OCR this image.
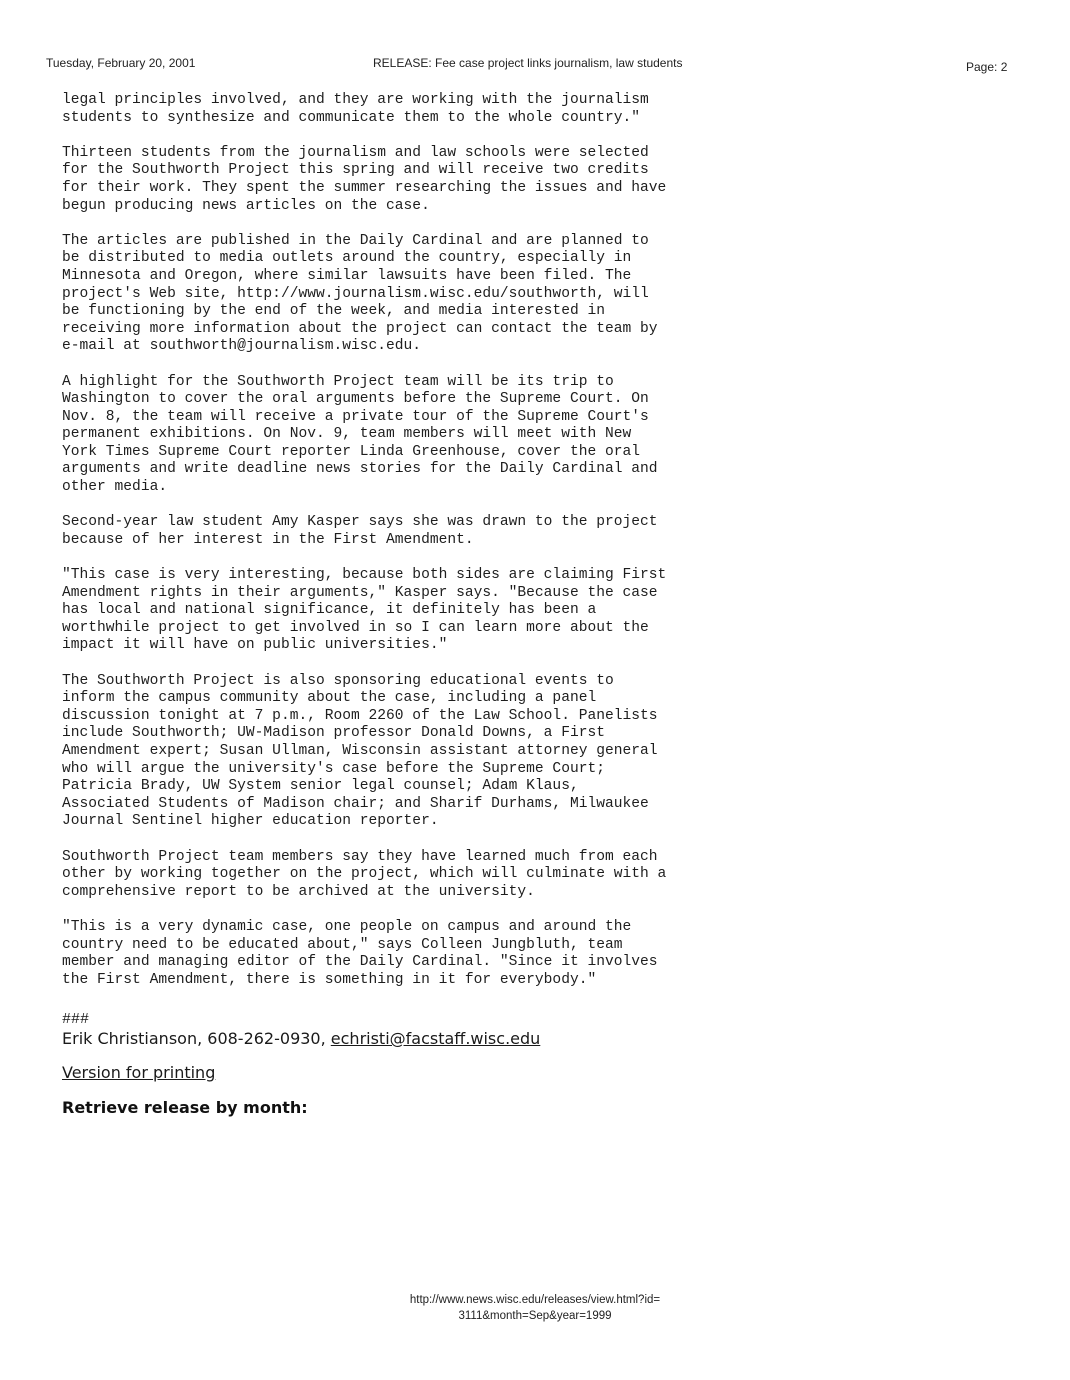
Tuesday, February 20, 2001	RELEASE: Fee case project links journalism, law students	Page: 2

legal principles involved, and they are working with the journalism
students to synthesize and communicate them to the whole country."

Thirteen students from the journalism and law schools were selected
for the Southworth Project this spring and will receive two credits
for their work. They spent the summer researching the issues and have
begun producing news articles on the case.

The articles are published in the Daily Cardinal and are planned to
be distributed to media outlets around the country, especially in
Minnesota and Oregon, where similar lawsuits have been filed. The
project's Web site, http://www.journalism.wisc.edu/southworth, will
be functioning by the end of the week, and media interested in
receiving more information about the project can contact the team by
e-mail at southworth@journalism.wisc.edu.

A highlight for the Southworth Project team will be its trip to
Washington to cover the oral arguments before the Supreme Court. On
Nov. 8, the team will receive a private tour of the Supreme Court's
permanent exhibitions. On Nov. 9, team members will meet with New
York Times Supreme Court reporter Linda Greenhouse, cover the oral
arguments and write deadline news stories for the Daily Cardinal and
other media.

Second-year law student Amy Kasper says she was drawn to the project
because of her interest in the First Amendment.

"This case is very interesting, because both sides are claiming First
Amendment rights in their arguments," Kasper says. "Because the case
has local and national significance, it definitely has been a
worthwhile project to get involved in so I can learn more about the
impact it will have on public universities."

The Southworth Project is also sponsoring educational events to
inform the campus community about the case, including a panel
discussion tonight at 7 p.m., Room 2260 of the Law School. Panelists
include Southworth; UW-Madison professor Donald Downs, a First
Amendment expert; Susan Ullman, Wisconsin assistant attorney general
who will argue the university's case before the Supreme Court;
Patricia Brady, UW System senior legal counsel; Adam Klaus,
Associated Students of Madison chair; and Sharif Durhams, Milwaukee
Journal Sentinel higher education reporter.

Southworth Project team members say they have learned much from each
other by working together on the project, which will culminate with a
comprehensive report to be archived at the university.

"This is a very dynamic case, one people on campus and around the
country need to be educated about," says Colleen Jungbluth, team
member and managing editor of the Daily Cardinal. "Since it involves
the First Amendment, there is something in it for everybody."

###
Erik Christianson, 608-262-0930, echristi@facstaff.wisc.edu
Version for printing
Retrieve release by month:
http://www.news.wisc.edu/releases/view.html?id=
3111&month=Sep&year=1999
